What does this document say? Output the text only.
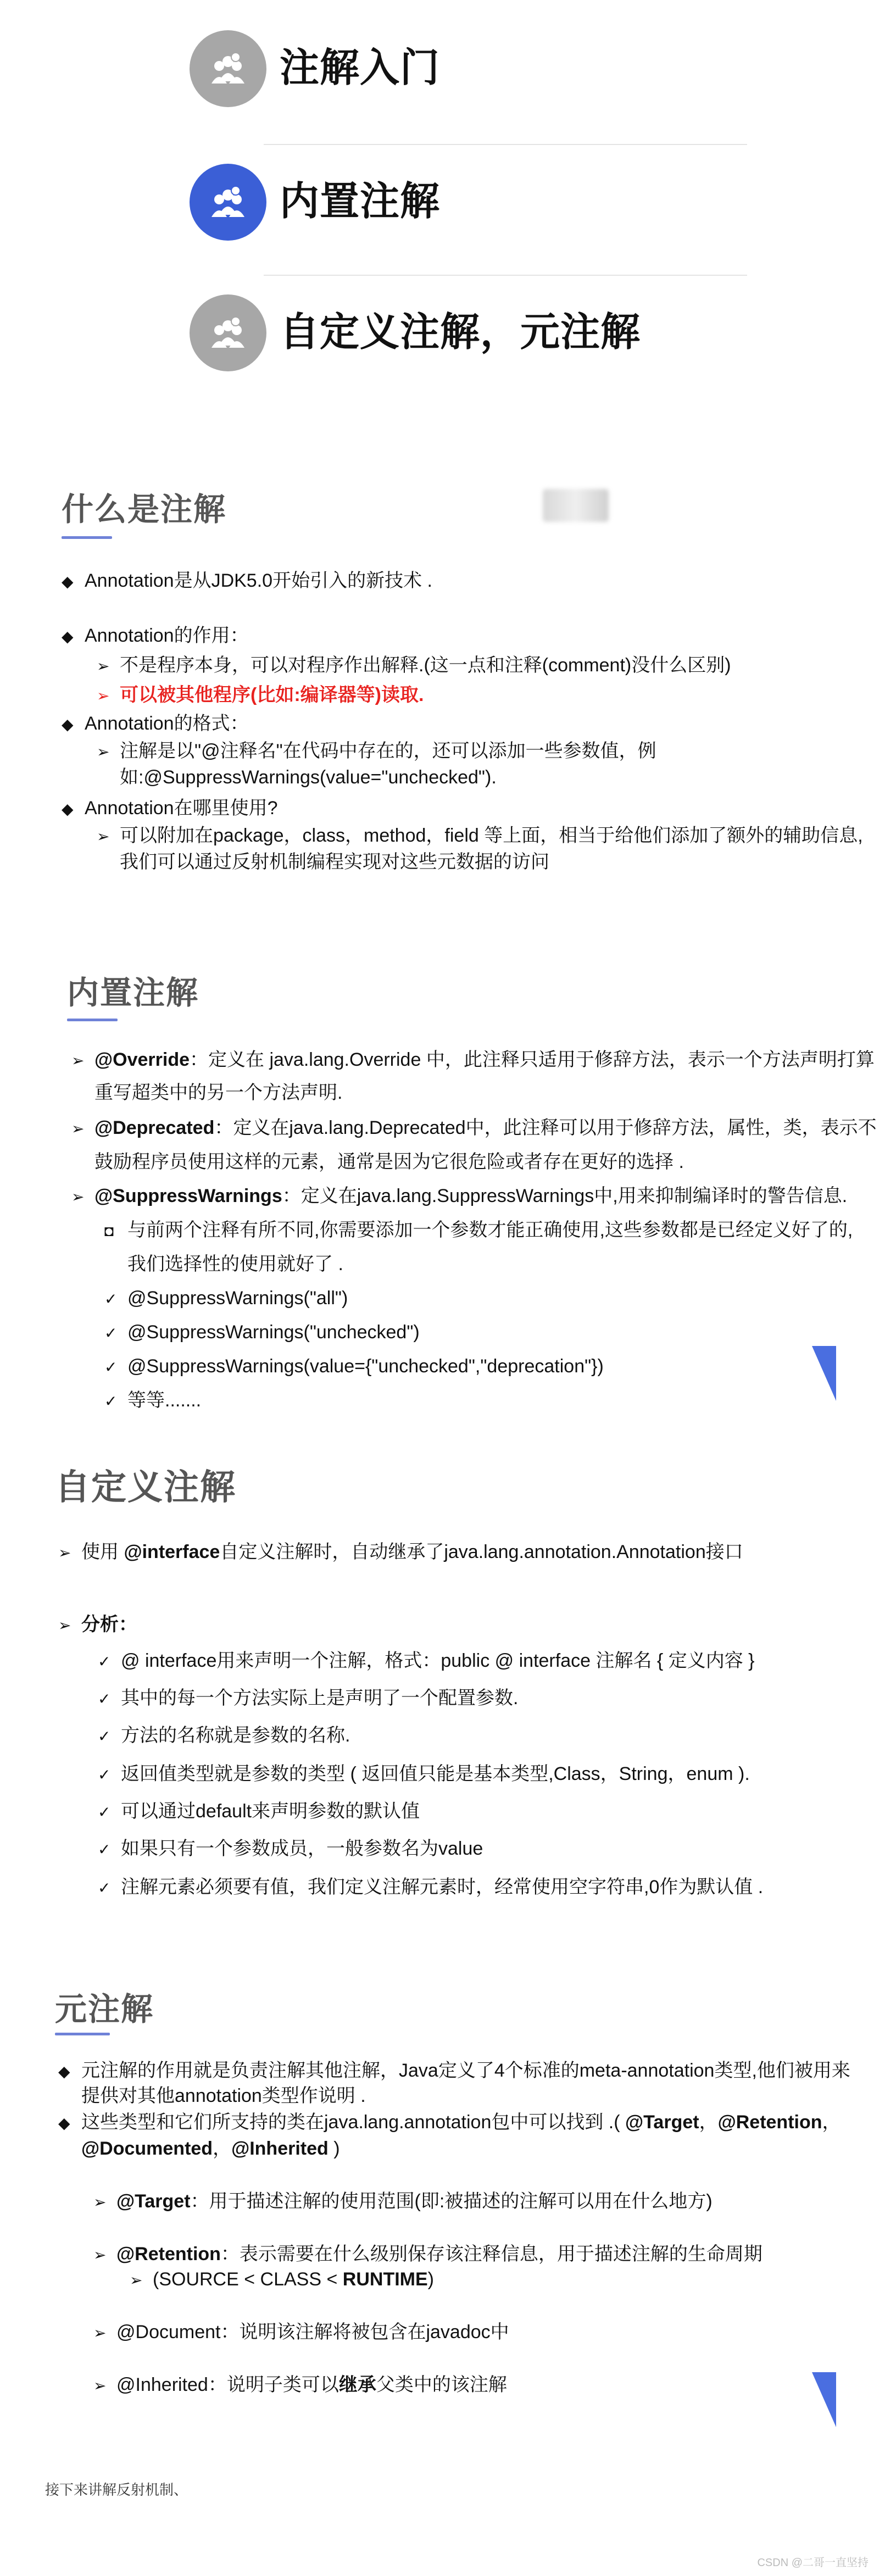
注解入门
内置注解
自定义注解，元注解
什么是注解
◆ Annotation是从JDK5.0开始引入的新技术 .
◆ Annotation的作用：
➢ 不是程序本身，可以对程序作出解释.(这一点和注释(comment)没什么区别)
➢ 可以被其他程序(比如:编译器等)读取.
◆ Annotation的格式：
➢ 注解是以"@注释名"在代码中存在的，还可以添加一些参数值，例
如:@SuppressWarnings(value="unchecked").
◆ Annotation在哪里使用?
➢ 可以附加在package，class，method，field 等上面，相当于给他们添加了额外的辅助信息,
我们可以通过反射机制编程实现对这些元数据的访问
内置注解
➢ @Override：定义在 java.lang.Override 中，此注释只适用于修辞方法，表示一个方法声明打算
重写超类中的另一个方法声明.
➢ @Deprecated：定义在java.lang.Deprecated中，此注释可以用于修辞方法，属性，类，表示不
鼓励程序员使用这样的元素，通常是因为它很危险或者存在更好的选择 .
➢ @SuppressWarnings：定义在java.lang.SuppressWarnings中,用来抑制编译时的警告信息.
◘ 与前两个注释有所不同,你需要添加一个参数才能正确使用,这些参数都是已经定义好了的,
我们选择性的使用就好了 .
✓ @SuppressWarnings("all")
✓ @SuppressWarnings("unchecked")
✓ @SuppressWarnings(value={"unchecked","deprecation"})
✓ 等等.......
自定义注解
➢ 使用 @interface自定义注解时，自动继承了java.lang.annotation.Annotation接口
➢ 分析：
✓ @ interface用来声明一个注解，格式：public @ interface 注解名 { 定义内容 }
✓ 其中的每一个方法实际上是声明了一个配置参数.
✓ 方法的名称就是参数的名称.
✓ 返回值类型就是参数的类型 ( 返回值只能是基本类型,Class，String，enum ).
✓ 可以通过default来声明参数的默认值
✓ 如果只有一个参数成员，一般参数名为value
✓ 注解元素必须要有值，我们定义注解元素时，经常使用空字符串,0作为默认值 .
元注解
◆ 元注解的作用就是负责注解其他注解，Java定义了4个标准的meta-annotation类型,他们被用来
提供对其他annotation类型作说明 .
◆ 这些类型和它们所支持的类在java.lang.annotation包中可以找到 .( @Target，@Retention，
@Documented，@Inherited )
➢ @Target：用于描述注解的使用范围(即:被描述的注解可以用在什么地方)
➢ @Retention：表示需要在什么级别保存该注释信息，用于描述注解的生命周期
➢ (SOURCE < CLASS < RUNTIME)
➢ @Document：说明该注解将被包含在javadoc中
➢ @Inherited：说明子类可以继承父类中的该注解
接下来讲解反射机制、
CSDN @二哥一直坚持
